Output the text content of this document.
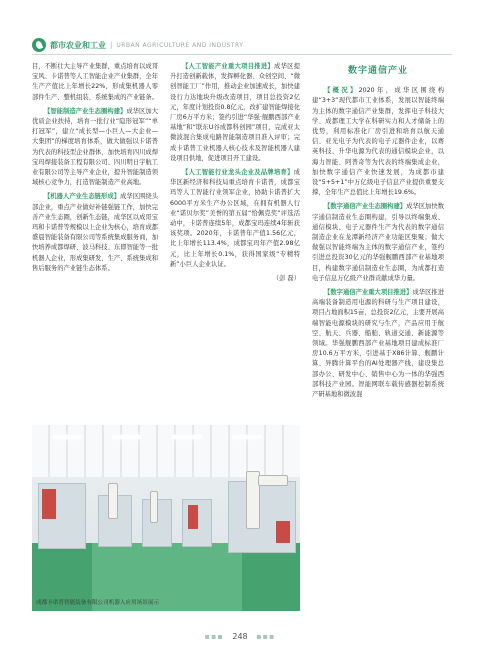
都市农业和工业 | URBAN AGRICULTURE AND INDUSTRY

目，不断壮大主导产业集群，重点培育以成哥宝风、卡诺普等人工智能企业产业集群，全年生产产值比上年增长22%，形成集机器人零部件生产、整机组装、系统集成的产业链条。

【智能制造产业生态圈构建】成华区加大优质企业扶持，培育一批行业“隐形冠军”“单打冠军”，建立“成长型—小巨人—大企业—大集团”的梯度培育体系，做大做强以卡诺普为代表的科技型企业群体，加快培育四川成焊宝玛焊接装备工程有限公司、四川明日宇航工业有限公司等主导产业企业，提升智能制造领域核心竞争力，打造智能制造产业高地。

【机器人产业生态链形成】成华区围绕头部企业，重点产业做好补链强链工作，加快完善产业生态圈，创新生态链，成华区以成哥宝玛和卡诺普等规模以上企业为核心，培育成都盛晨智能装备有限公司等系统集成服务商，加快培养成都焊研、波马科技、东即智能等一批机器人企业，形成集研发、生产、系统集成和售后服务的产业链生态体系。

【人工智能产业重大项目推进】成华区提升打造创新载体，发挥孵化器、众创空间、“微创智能工厂”作用，推动企业加速成长，加快建设行力达地块升级改造项目，项目总投资2亿元，年度计划投资0.8亿元，改扩建智能焊接化厂房6万平方米；签约引进“华强·舰鹏西部产业基地”和“联东U谷成都科创园”项目，完成亚太微波混合集成电路智能制造项目准入评审；完成卡诺普工业机器人核心技术及智能机器人建设项目供地，促进项目开工建设。

【人工智能行业龙头企业及品牌培育】成华区新经济和科技局重点培育卡诺普，成都宝玛等人工智能行业领军企业，协助卡诺普扩大6000平方米生产办公区域，在拥有机器人行业“诺贝尔奖”美誉的第五届“恰佩克奖”评选活动中，卡诺普连续5年，成都宝玛连续4年斩获该奖项。2020年，卡诺普年产值1.56亿元，比上年增长113.4%，成都宝玛年产值2.98亿元，比上年增长0.1%，获得国家级“专精特新”小巨人企业认证。

（彭 磊）

数字通信产业

【概况】2020年，成华区围绕构建“3+3”现代都市工业体系，发展以智能终端为主体的数字通信产业集群，发挥电子科技大学、成都理工大学在科研实力和人才储备上的优势，利用标准化厂房引进和培育以航天通信、亚光电子为代表的电子元器件企业，以赛英科技、升华电源为代表的通信模块企业，以海力智能、阿普奇等为代表的终端集成企业，加快数字通信产业快速发展，为成都市建设“5+5+1”中万亿级电子信息产业提供重要支撑，全年生产总值比上年增长19.6%。

【数字通信产业生态圈构建】成华区加快数字通信制造业生态圈构建，引导以终端集成、通信模块、电子元器件生产为代表的数字通信制造企业在龙潭新经济产业功能区集聚；做大做强以智能终端为主体的数字通信产业，签约引进总投资30亿元的华强舰鹏西部产业基地项目，构建数字通信制造业生态圈，为成都打造电子信息万亿级产业群贡献成华力量。

【数字通信产业重大项目推进】成华区推进高端装备制造用电源的科研与生产项目建设，项目占地面积15亩，总投资2亿元，主要开展高端智能电源模块的研究与生产，产品应用于航空、航天、兵器、船舶、轨道交通、新能源等领域。华强舰鹏西部产业基地项目建成标准厂房10.6万平方米，引进基于X86计算、舰鹏计算、异腾计算平台的AI处理器产线，建设集总部办公、研发中心、销售中心为一体的华强西部科技产业园。智能网联车载传感器控制系统产研基地和微波混

成都卡诺普智能装备有限公司机器人应用场景展示
▪▪▪ 248 ▪▪▪
